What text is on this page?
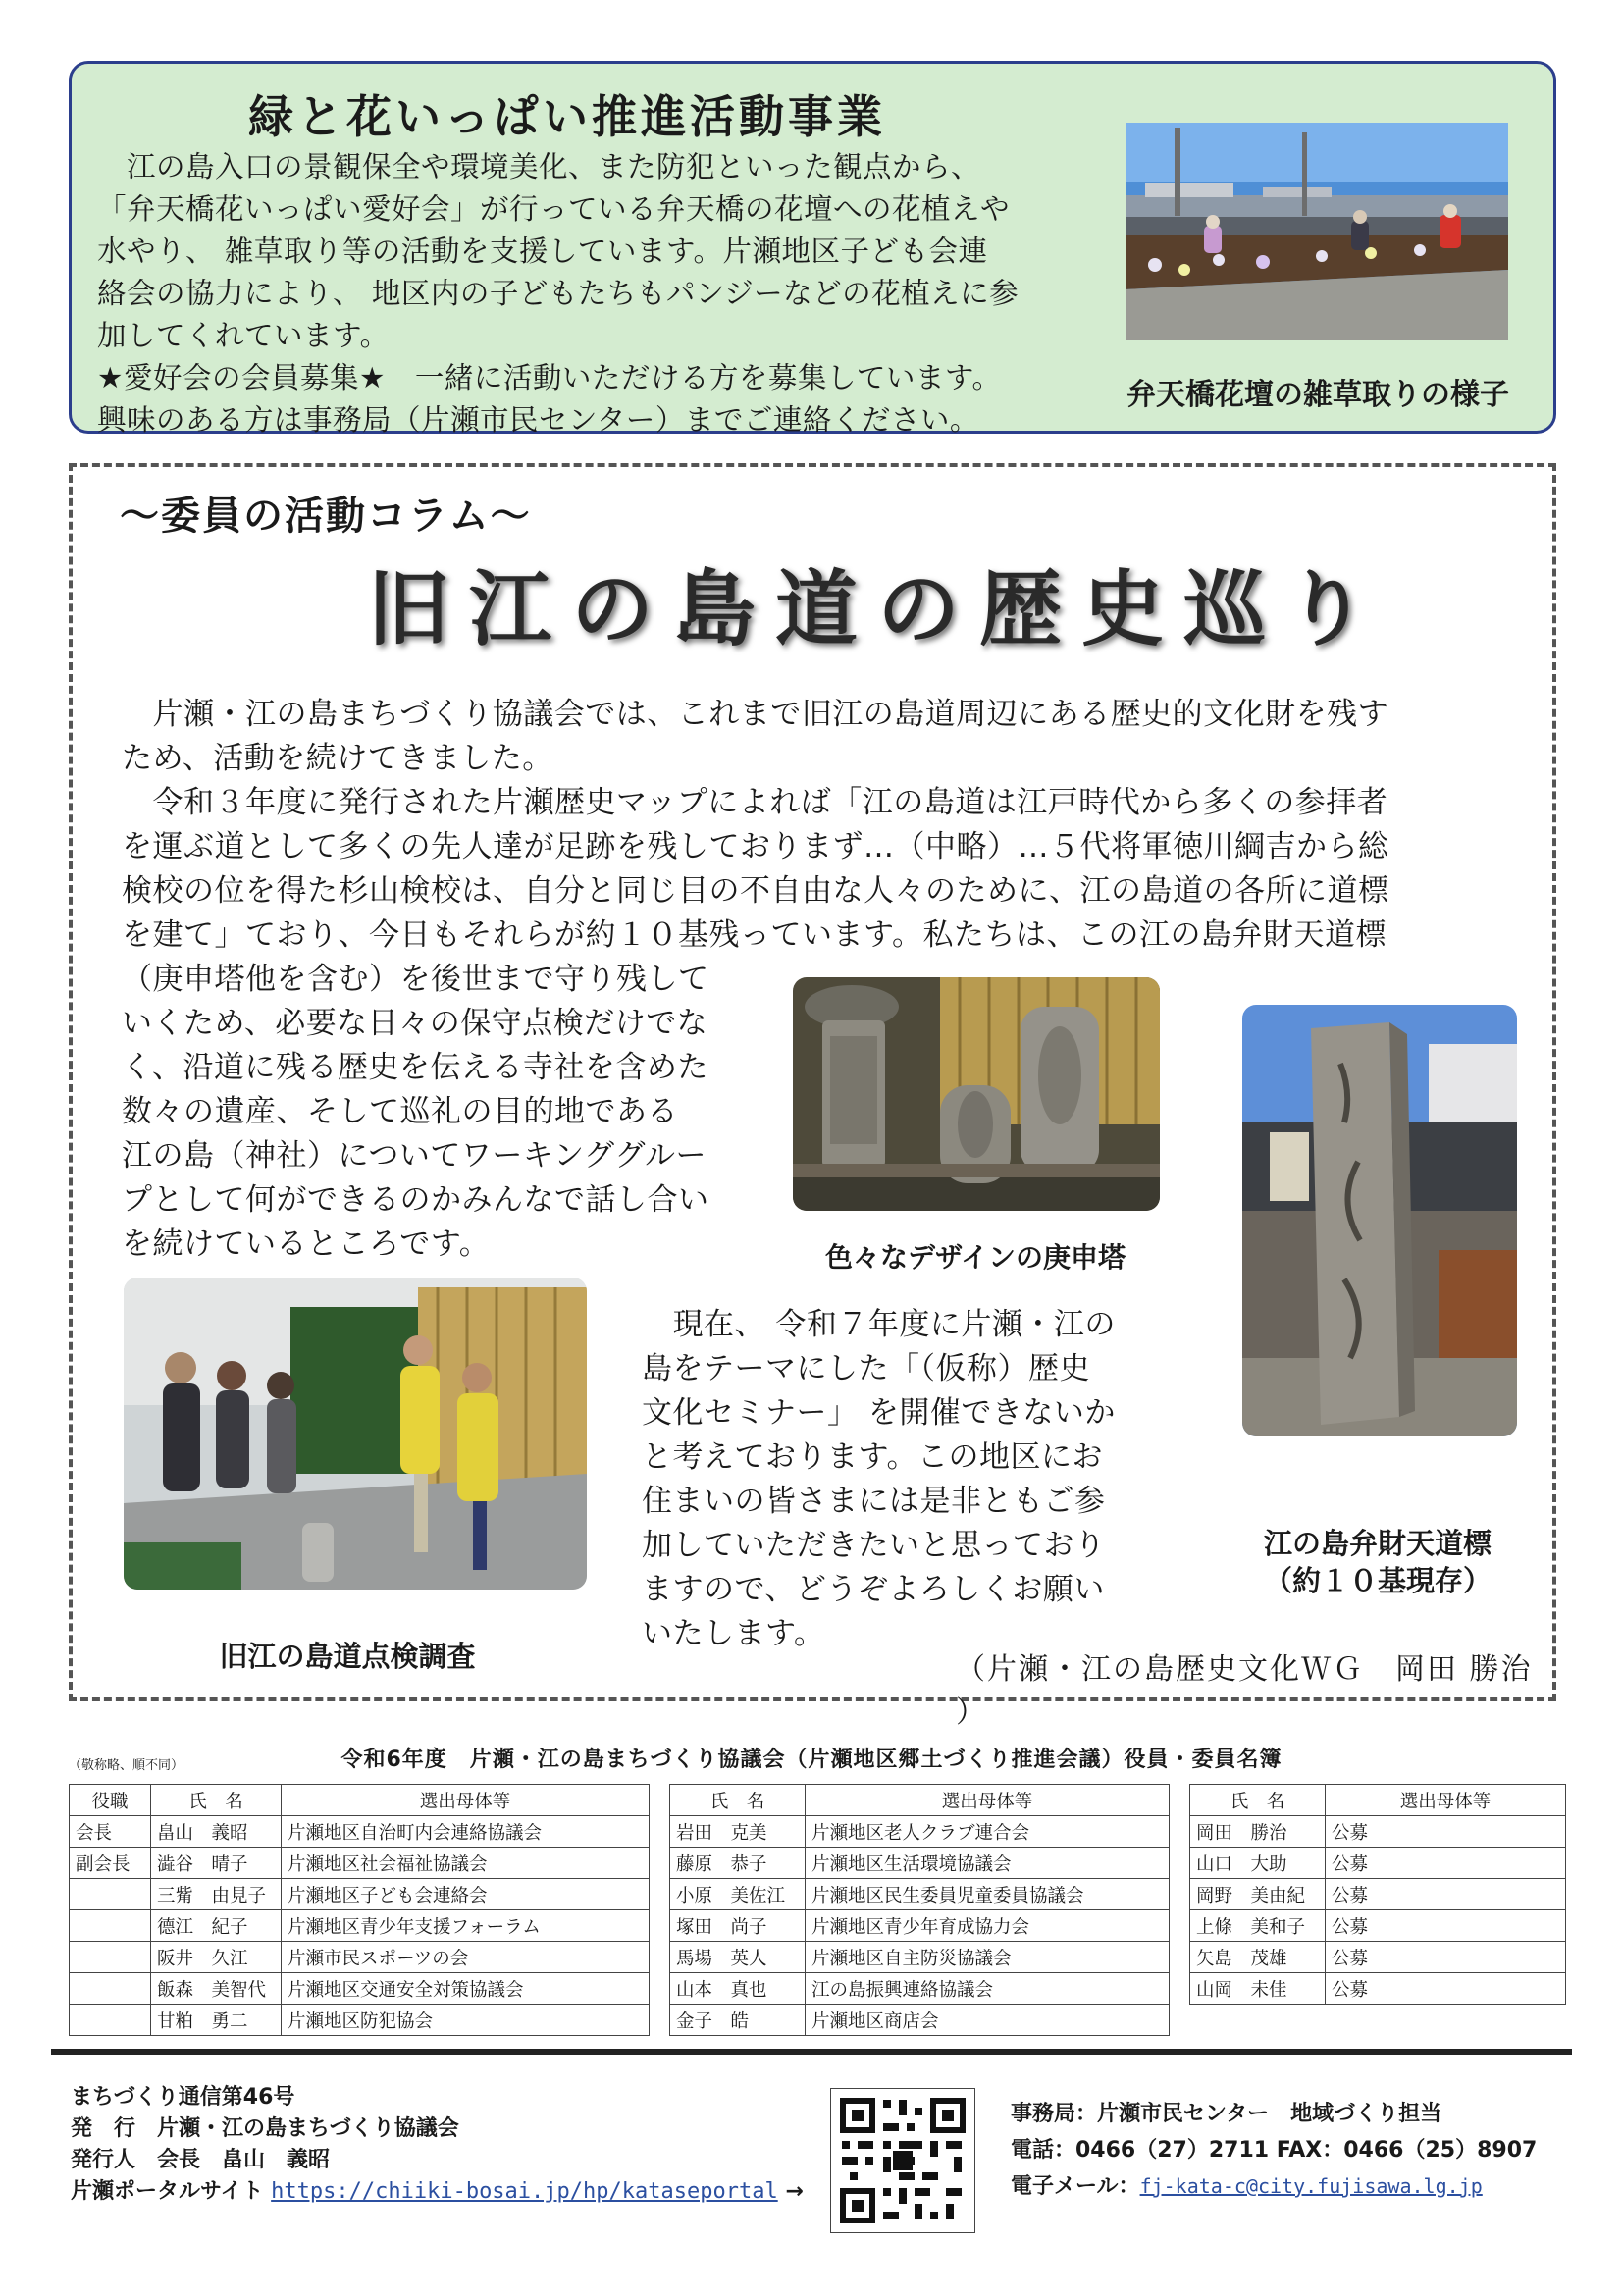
緑と花いっぱい推進活動事業

　江の島入口の景観保全や環境美化、また防犯といった観点から、

「弁天橋花いっぱい愛好会」が行っている弁天橋の花壇への花植えや

水やり、 雑草取り等の活動を支援しています。片瀬地区子ども会連

絡会の協力により、 地区内の子どもたちもパンジーなどの花植えに参

加してくれています。

★愛好会の会員募集★　一緒に活動いただける方を募集しています。

興味のある方は事務局（片瀬市民センター）までご連絡ください。

弁天橋花壇の雑草取りの様子
～委員の活動コラム～
旧江の島道の歴史巡り

　片瀬・江の島まちづくり協議会では、これまで旧江の島道周辺にある歴史的文化財を残す

ため、活動を続けてきました。

　令和３年度に発行された片瀬歴史マップによれば「江の島道は江戸時代から多くの参拝者

を運ぶ道として多くの先人達が足跡を残しておりまず…（中略）…５代将軍徳川綱吉から総

検校の位を得た杉山検校は、自分と同じ目の不自由な人々のために、江の島道の各所に道標

を建て」ており、今日もそれらが約１０基残っています。私たちは、この江の島弁財天道標

（庚申塔他を含む）を後世まで守り残して
いくため、必要な日々の保守点検だけでな
く、沿道に残る歴史を伝える寺社を含めた
数々の遺産、そして巡礼の目的地である
江の島（神社）についてワーキンググルー
プとして何ができるのかみんなで話し合い
を続けているところです。	色々なデザインの庚申塔
江の島弁財天道標
（約１０基現存）
旧江の島道点検調査
　現在、 令和７年度に片瀬・江の
島をテーマにした「（仮称）歴史
文化セミナー」 を開催できないか
と考えております。この地区にお
住まいの皆さまには是非ともご参
加していただきたいと思っており
ますので、どうぞよろしくお願い
いたします。
（片瀬・江の島歴史文化ＷＧ　岡田 勝治 ）
（敬称略、順不同）	令和6年度　片瀬・江の島まちづくり協議会（片瀬地区郷土づくり推進会議）役員・委員名簿
役職	氏　名	選出母体等
会長	畠山　義昭	片瀬地区自治町内会連絡協議会
副会長	澁谷　晴子	片瀬地区社会福祉協議会
	三觜　由見子	片瀬地区子ども会連絡会
	德江　紀子	片瀬地区青少年支援フォーラム
	阪井　久江	片瀬市民スポーツの会
	飯森　美智代	片瀬地区交通安全対策協議会
	甘粕　勇二	片瀬地区防犯協会
氏　名	選出母体等
岩田　克美	片瀬地区老人クラブ連合会
藤原　恭子	片瀬地区生活環境協議会
小原　美佐江	片瀬地区民生委員児童委員協議会
塚田　尚子	片瀬地区青少年育成協力会
馬場　英人	片瀬地区自主防災協議会
山本　真也	江の島振興連絡協議会
金子　皓	片瀬地区商店会
氏　名	選出母体等
岡田　勝治	公募
山口　大助	公募
岡野　美由紀	公募
上條　美和子	公募
矢島　茂雄	公募
山岡　未佳	公募
まちづくり通信第46号
発　行　片瀬・江の島まちづくり協議会
発行人　会長　畠山　義昭
片瀬ポータルサイト https://chiiki-bosai.jp/hp/kataseportal →
事務局：片瀬市民センター　地域づくり担当
電話：0466（27）2711 FAX：0466（25）8907
電子メール：fj-kata-c@city.fujisawa.lg.jp
